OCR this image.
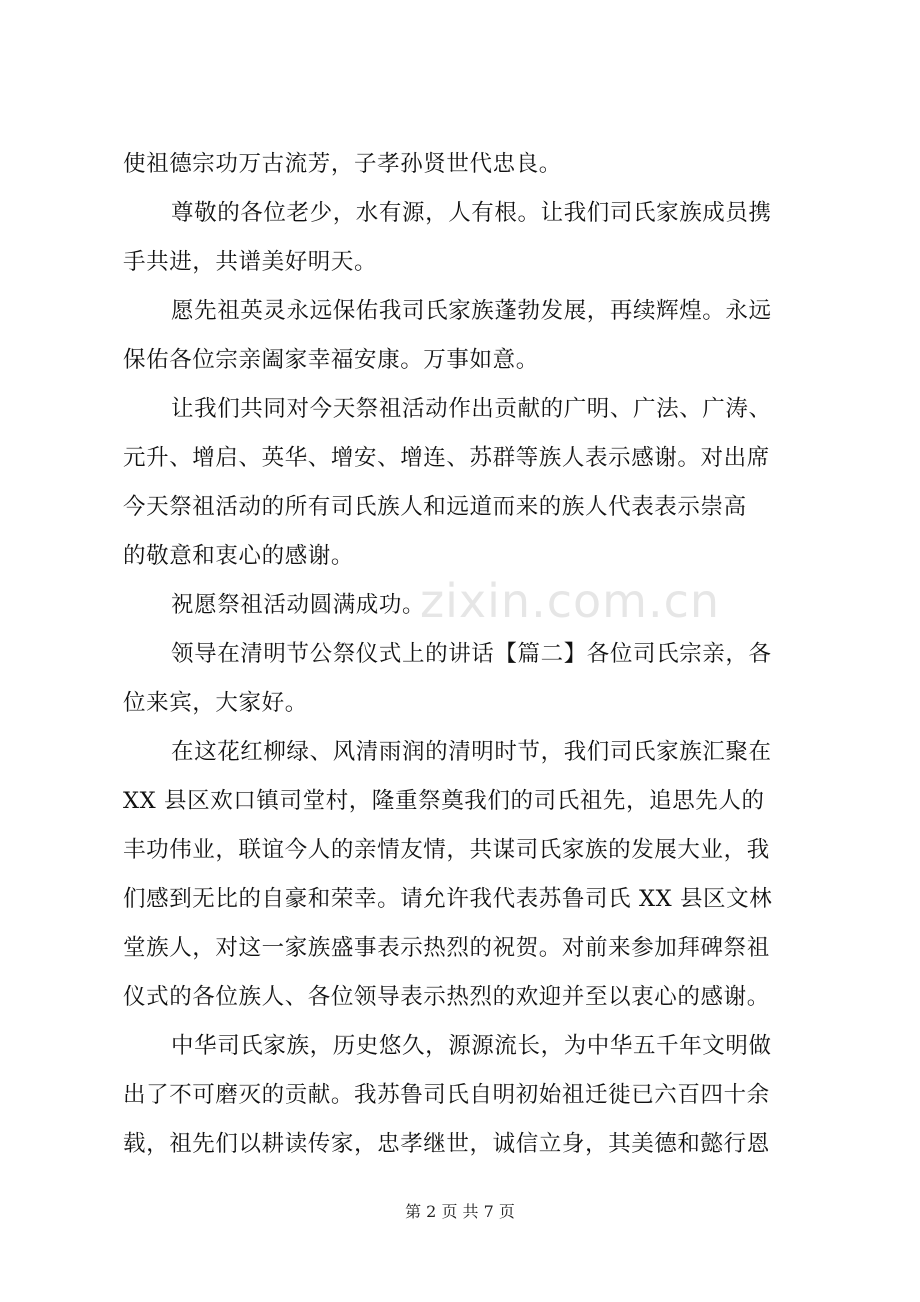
使祖德宗功万古流芳，子孝孙贤世代忠良。
尊敬的各位老少，水有源，人有根。让我们司氏家族成员携
手共进，共谱美好明天。
愿先祖英灵永远保佑我司氏家族蓬勃发展，再续辉煌。永远
保佑各位宗亲阖家幸福安康。万事如意。
让我们共同对今天祭祖活动作出贡献的广明、广法、广涛、
元升、增启、英华、增安、增连、苏群等族人表示感谢。对出席
今天祭祖活动的所有司氏族人和远道而来的族人代表表示崇高
的敬意和衷心的感谢。
祝愿祭祖活动圆满成功。
领导在清明节公祭仪式上的讲话【篇二】各位司氏宗亲，各
位来宾，大家好。
在这花红柳绿、风清雨润的清明时节，我们司氏家族汇聚在
XX 县区欢口镇司堂村，隆重祭奠我们的司氏祖先，追思先人的
丰功伟业，联谊今人的亲情友情，共谋司氏家族的发展大业，我
们感到无比的自豪和荣幸。请允许我代表苏鲁司氏 XX 县区文林
堂族人，对这一家族盛事表示热烈的祝贺。对前来参加拜碑祭祖
仪式的各位族人、各位领导表示热烈的欢迎并至以衷心的感谢。
中华司氏家族，历史悠久，源源流长，为中华五千年文明做
出了不可磨灭的贡献。我苏鲁司氏自明初始祖迁徙已六百四十余
载，祖先们以耕读传家，忠孝继世，诚信立身，其美德和懿行恩
zixin.com.cn
第 2 页 共 7 页
